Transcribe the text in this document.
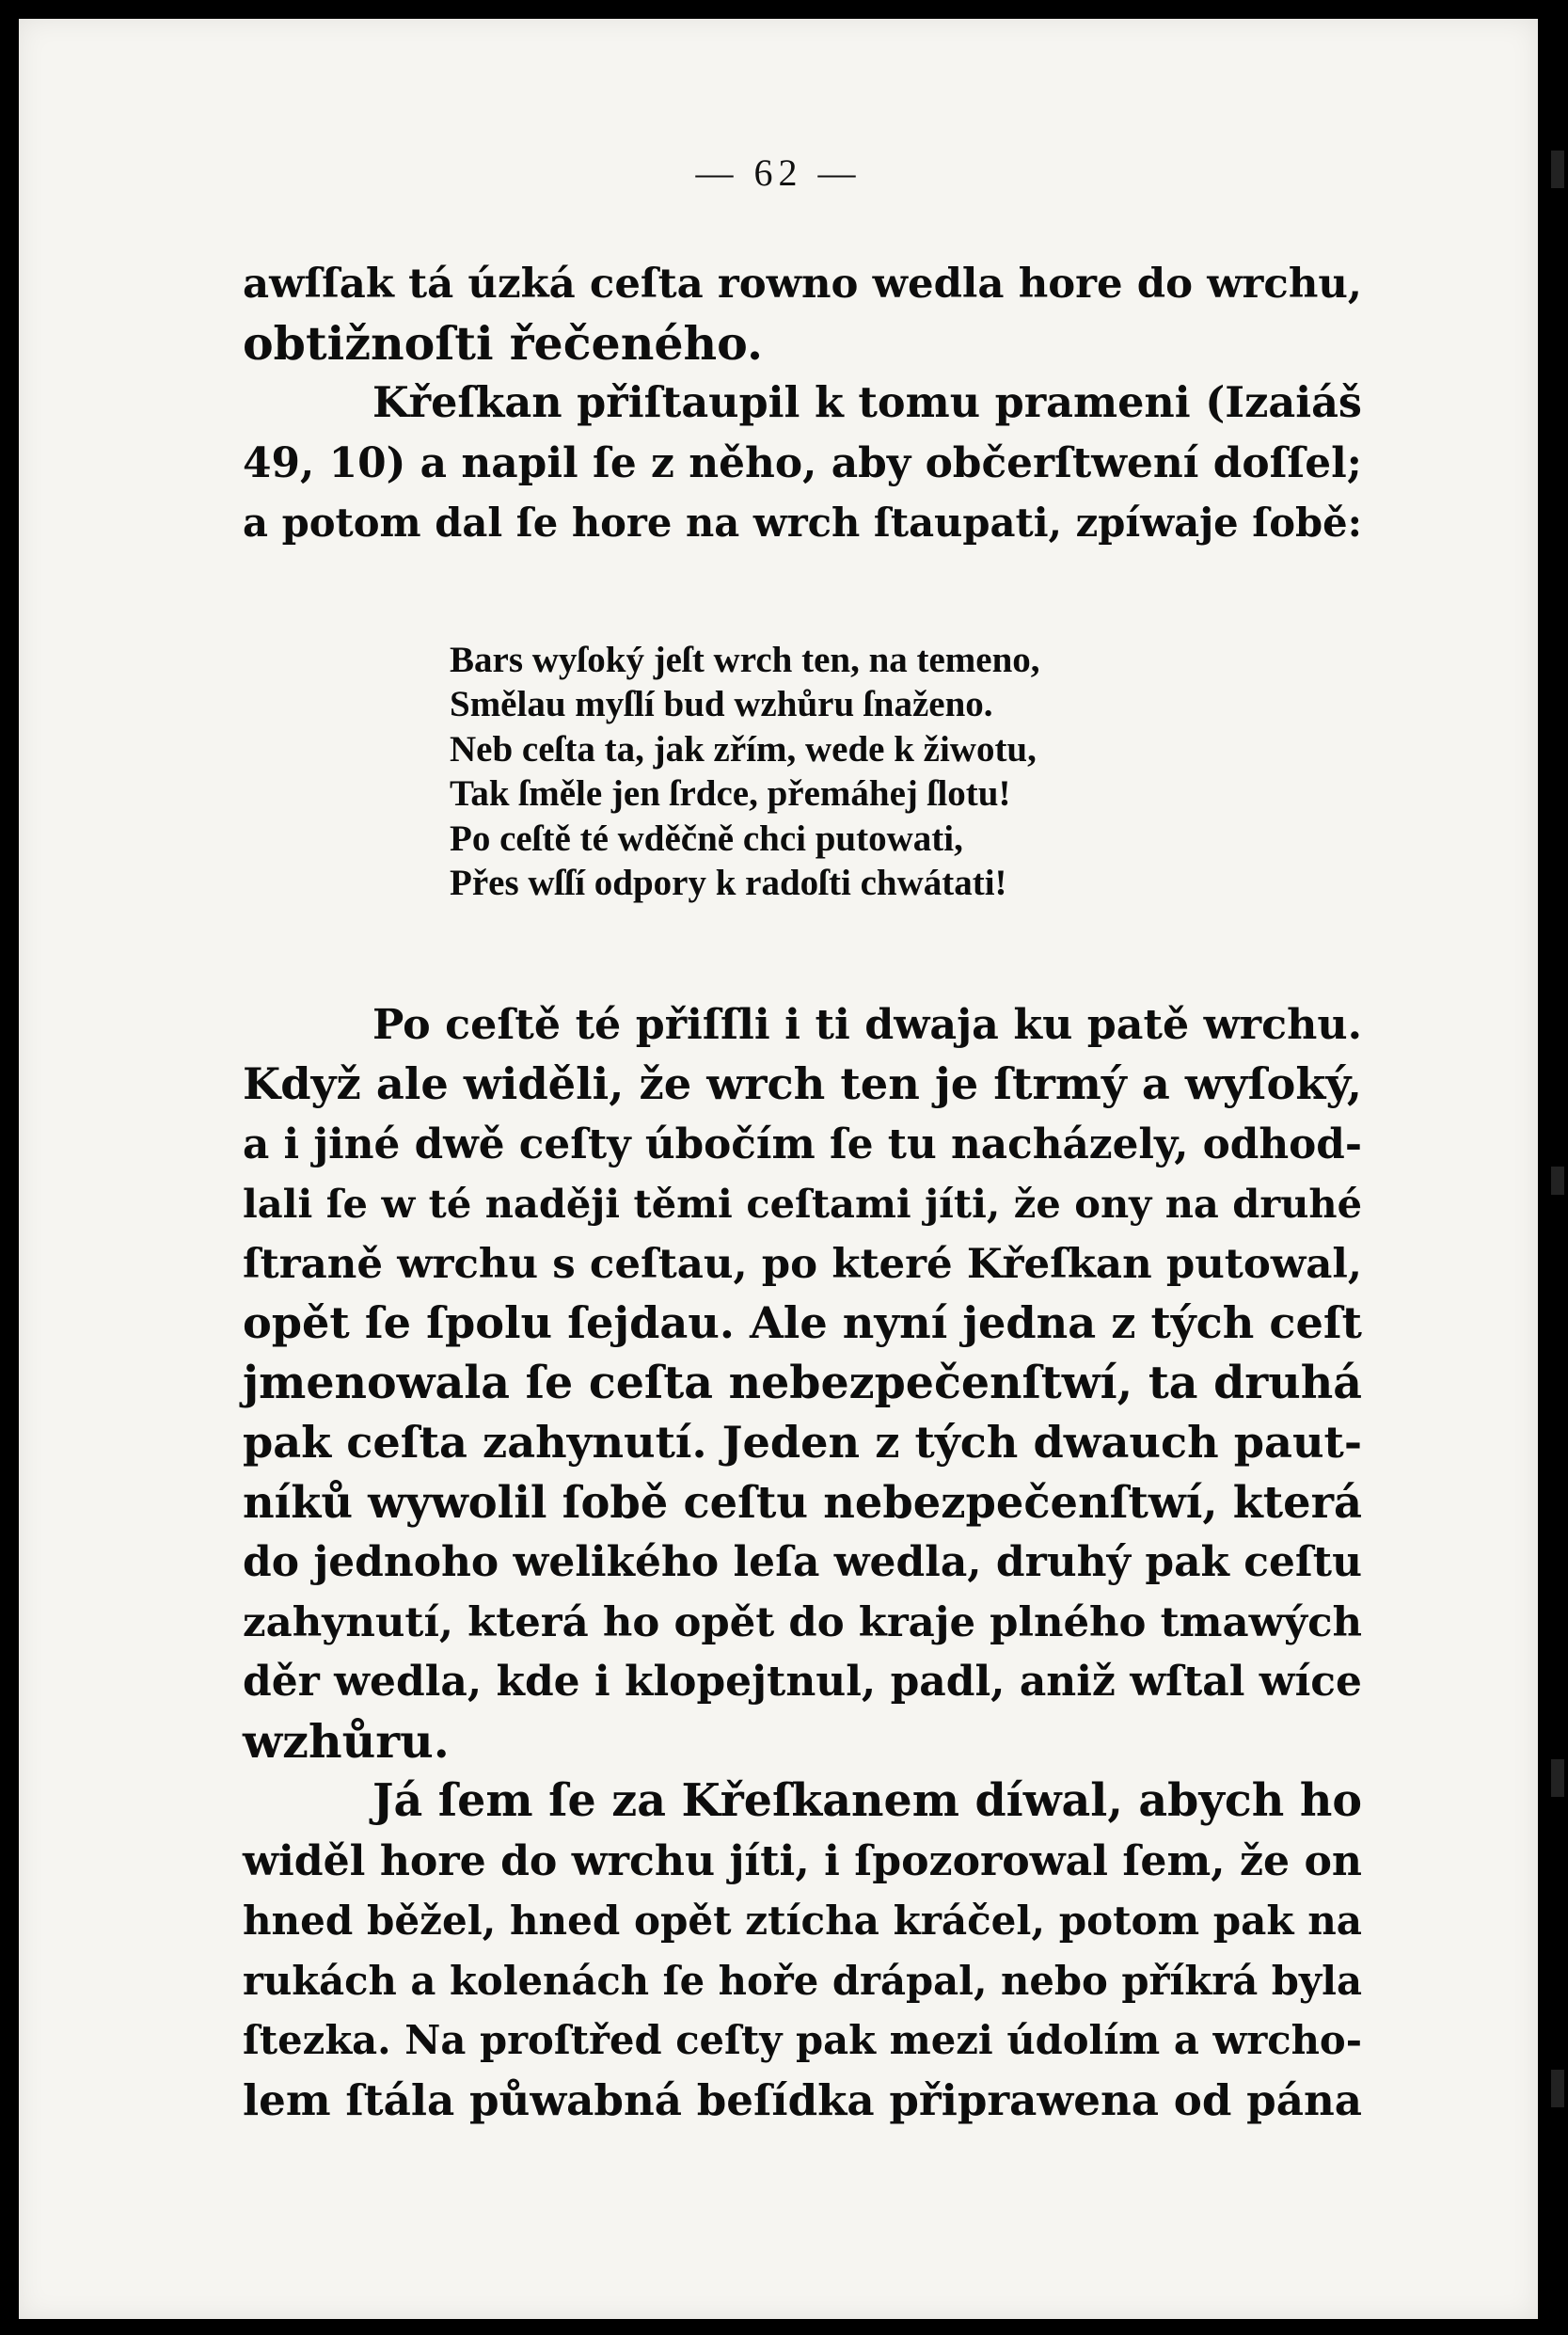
— 62 —

awſſak tá úzká ceſta rowno wedla hore do wrchu,
obtižnoſti řečeného.

Křeſkan přiſtaupil k tomu prameni (Izaiáš
49, 10) a napil ſe z něho, aby občerſtwení doſſel;
a potom dal ſe hore na wrch ſtaupati, zpíwaje ſobě:

Bars wyſoký jeſt wrch ten, na temeno,
Smělau myſlí bud wzhůru ſnaženo.
Neb ceſta ta, jak zřím, wede k žiwotu,
Tak ſměle jen ſrdce, přemáhej ſlotu!
Po ceſtě té wděčně chci putowati,
Přes wſſí odpory k radoſti chwátati!

Po ceſtě té přiſſli i ti dwaja ku patě wrchu.
Když ale widěli, že wrch ten je ſtrmý a wyſoký,
a i jiné dwě ceſty úbočím ſe tu nacházely, odhod-
lali ſe w té naději těmi ceſtami jíti, že ony na druhé
ſtraně wrchu s ceſtau, po které Křeſkan putowal,
opět ſe ſpolu ſejdau. Ale nyní jedna z tých ceſt
jmenowala ſe ceſta nebezpečenſtwí, ta druhá
pak ceſta zahynutí. Jeden z tých dwauch paut-
níků wywolil ſobě ceſtu nebezpečenſtwí, která
do jednoho welikého leſa wedla, druhý pak ceſtu
zahynutí, která ho opět do kraje plného tmawých
děr wedla, kde i klopejtnul, padl, aniž wſtal wíce
wzhůru.

Já ſem ſe za Křeſkanem díwal, abych ho
widěl hore do wrchu jíti, i ſpozorowal ſem, že on
hned běžel, hned opět ztícha kráčel, potom pak na
rukách a kolenách ſe hoře drápal, nebo příkrá byla
ſtezka. Na proſtřed ceſty pak mezi údolím a wrcho-
lem ſtála půwabná beſídka připrawena od pána
